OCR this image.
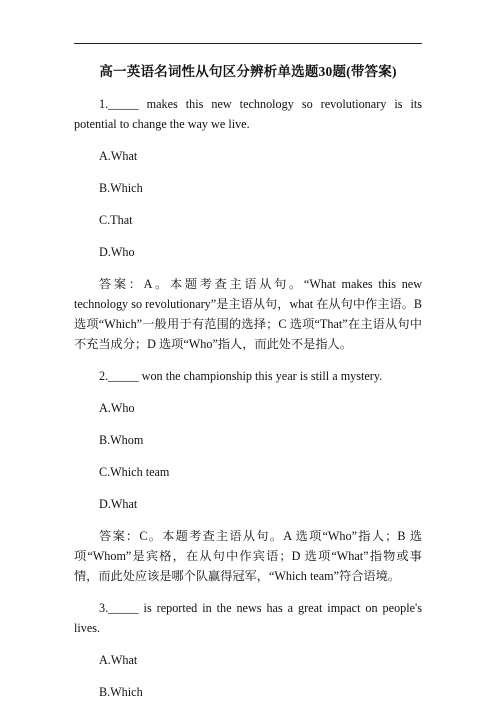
高一英语名词性从句区分辨析单选题30题(带答案)
1._____ makes this new technology so revolutionary is its potential to change the way we live.
A.What
B.Which
C.That
D.Who
答案：A。本题考查主语从句。“What makes this new technology so revolutionary”是主语从句，what 在从句中作主语。B 选项“Which”一般用于有范围的选择；C 选项“That”在主语从句中不充当成分；D 选项“Who”指人，而此处不是指人。
2._____ won the championship this year is still a mystery.
A.Who
B.Whom
C.Which team
D.What
答案：C。本题考查主语从句。A 选项“Who”指人；B 选项“Whom”是宾格，在从句中作宾语；D 选项“What”指物或事情，而此处应该是哪个队赢得冠军，“Which team”符合语境。
3._____ is reported in the news has a great impact on people's lives.
A.What
B.Which
